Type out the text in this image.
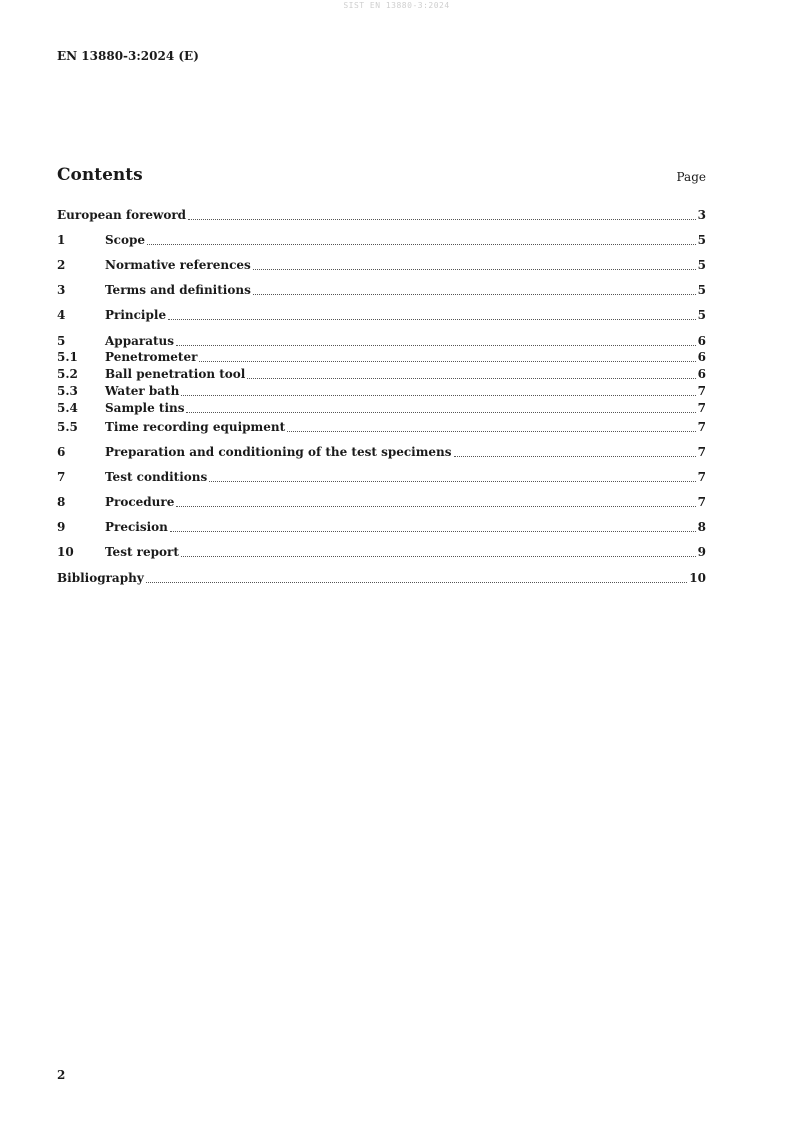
SIST EN 13880-3:2024
EN 13880-3:2024 (E)
Contents	Page
European foreword	3
1	Scope	5
2	Normative references	5
3	Terms and definitions	5
4	Principle	5
5	Apparatus	6
5.1	Penetrometer	6
5.2	Ball penetration tool	6
5.3	Water bath	7
5.4	Sample tins	7
5.5	Time recording equipment	7
6	Preparation and conditioning of the test specimens	7
7	Test conditions	7
8	Procedure	7
9	Precision	8
10	Test report	9
Bibliography	10
2
